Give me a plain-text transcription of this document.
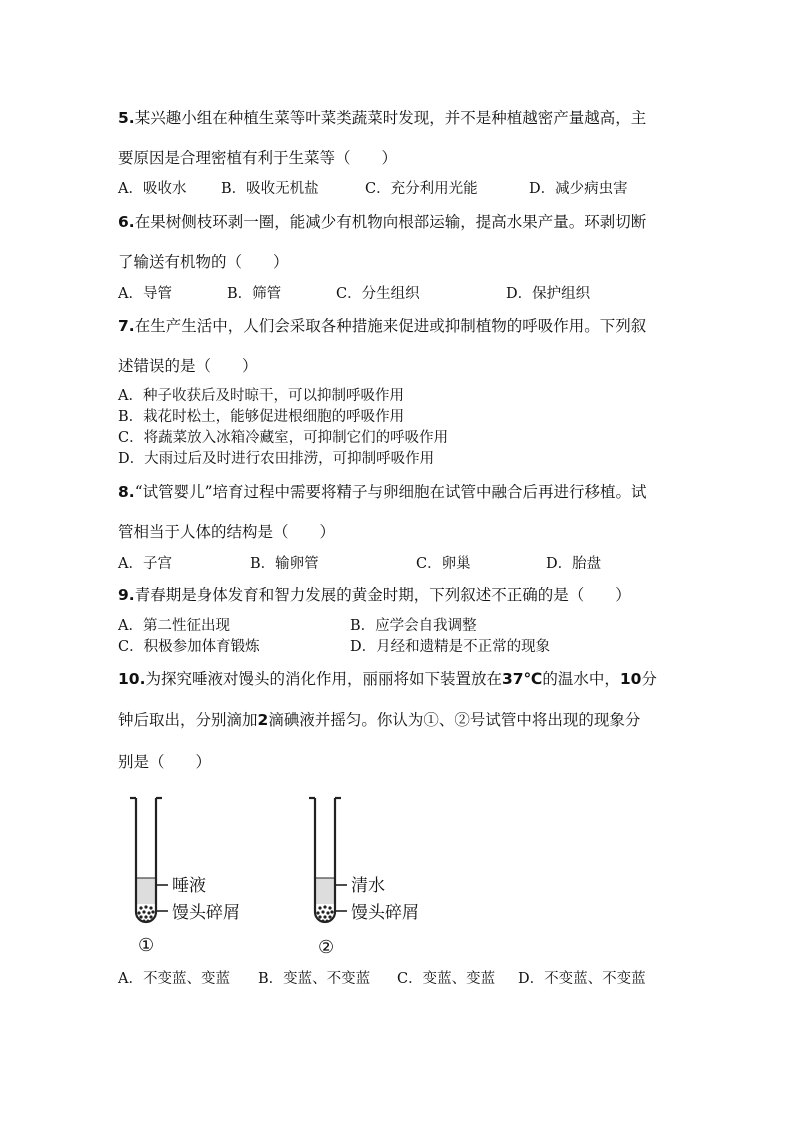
5.某兴趣小组在种植生菜等叶菜类蔬菜时发现，并不是种植越密产量越高，主
要原因是合理密植有利于生菜等（　　）
A．吸收水 B．吸收无机盐	C．充分利用光能	D．减少病虫害
6.在果树侧枝环剥一圈，能减少有机物向根部运输，提高水果产量。环剥切断
了输送有机物的（　　）
A．导管	B．筛管	C．分生组织	D．保护组织
7.在生产生活中，人们会采取各种措施来促进或抑制植物的呼吸作用。下列叙
述错误的是（　　）
A．种子收获后及时晾干，可以抑制呼吸作用
B．栽花时松土，能够促进根细胞的呼吸作用
C．将蔬菜放入冰箱冷藏室，可抑制它们的呼吸作用
D．大雨过后及时进行农田排涝，可抑制呼吸作用
8.“试管婴儿”培育过程中需要将精子与卵细胞在试管中融合后再进行移植。试
管相当于人体的结构是（　　）
A．子宫	B．输卵管	C．卵巢	D．胎盘
9.青春期是身体发育和智力发展的黄金时期，下列叙述不正确的是（　　）
A．第二性征出现	B．应学会自我调整
C．积极参加体育锻炼	D．月经和遗精是不正常的现象
10.为探究唾液对馒头的消化作用，丽丽将如下装置放在37℃的温水中，10分
钟后取出，分别滴加2滴碘液并摇匀。你认为①、②号试管中将出现的现象分
别是（　　）
唾液
馒头碎屑
①
清水
馒头碎屑
②
A．不变蓝、变蓝 B．变蓝、不变蓝 C．变蓝、变蓝 D．不变蓝、不变蓝
